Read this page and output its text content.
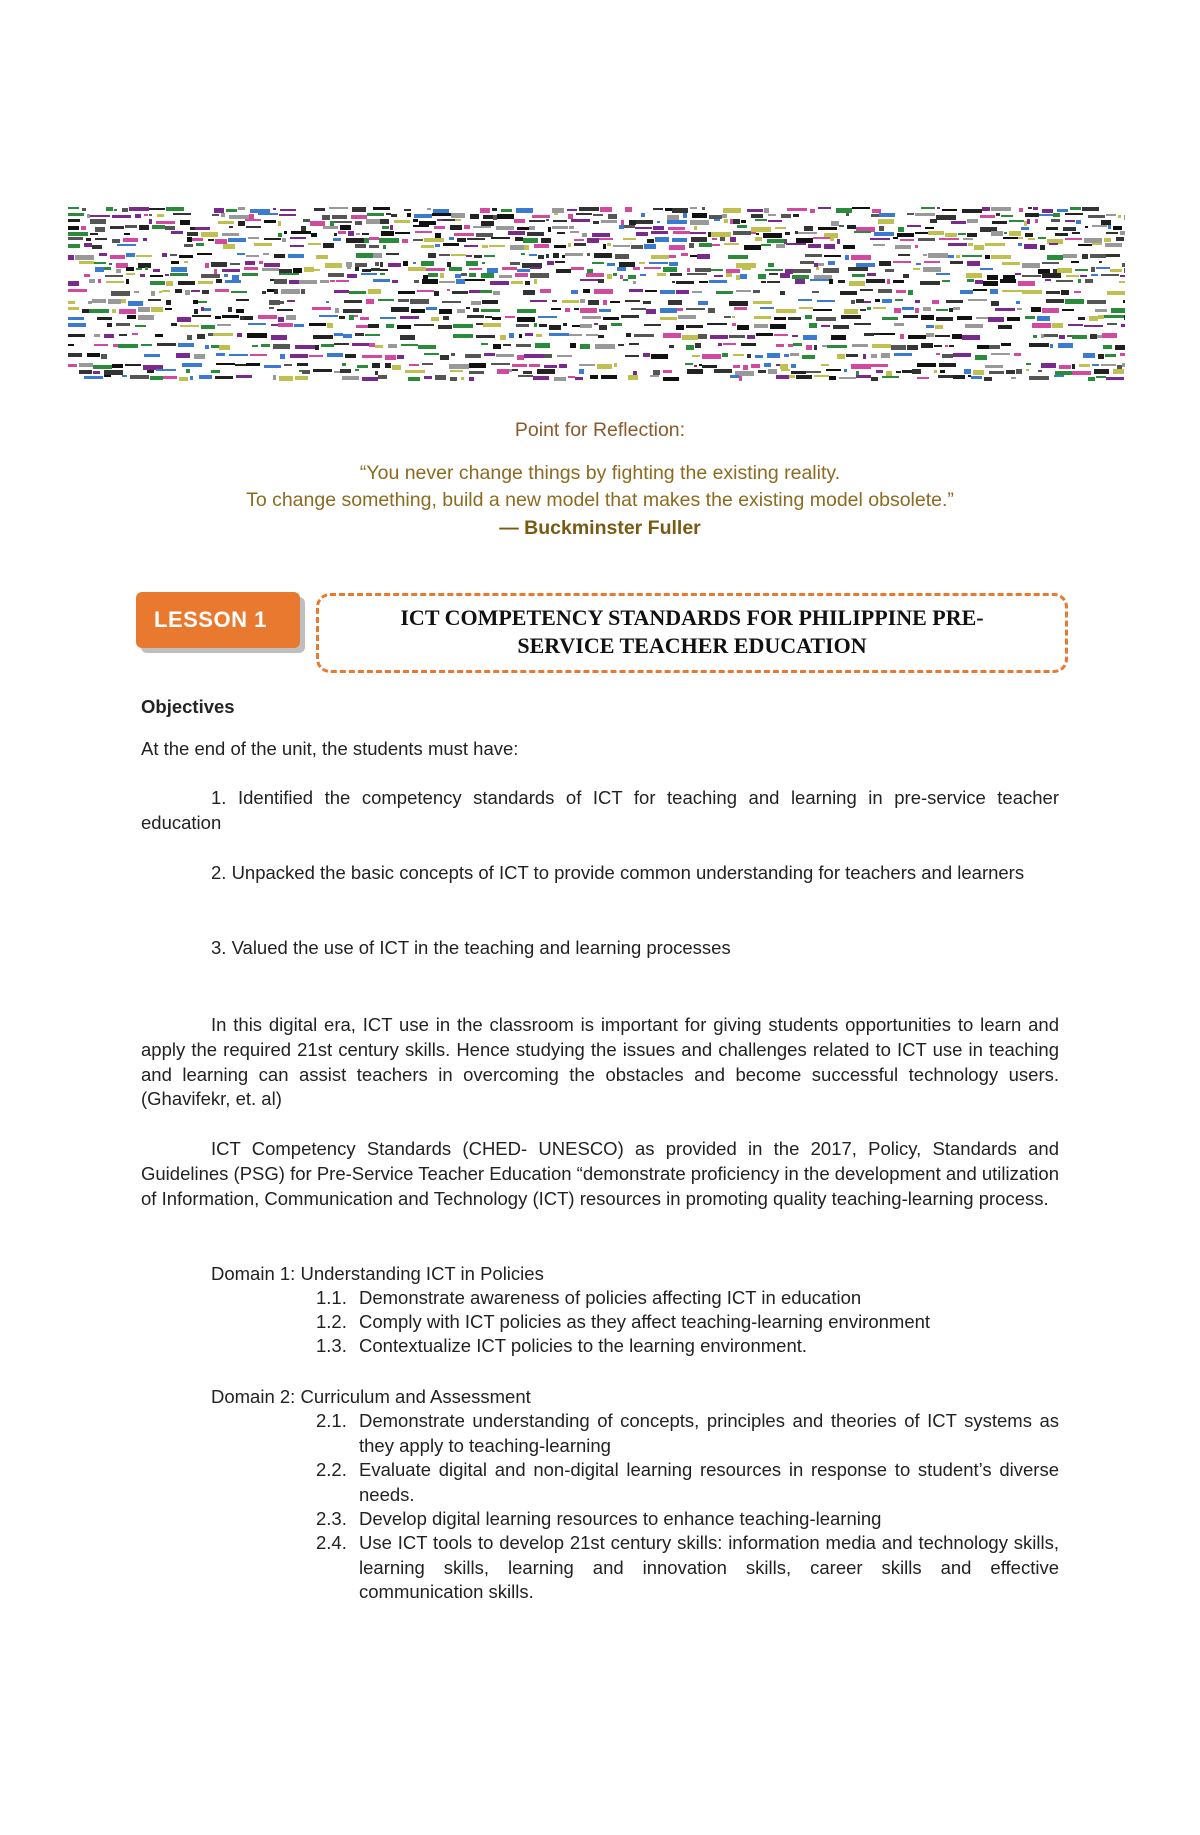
Point for Reflection:
“You never change things by fighting the existing reality.
To change something, build a new model that makes the existing model obsolete.”
— Buckminster Fuller
LESSON 1	ICT COMPETENCY STANDARDS FOR PHILIPPINE PRE-
SERVICE TEACHER EDUCATION
Objectives
At the end of the unit, the students must have:
1. Identified the competency standards of ICT for teaching and learning in pre-service teacher education
2. Unpacked the basic concepts of ICT to provide common understanding for teachers and learners
3. Valued the use of ICT in the teaching and learning processes
In this digital era, ICT use in the classroom is important for giving students opportunities to learn and apply the required 21st century skills. Hence studying the issues and challenges related to ICT use in teaching and learning can assist teachers in overcoming the obstacles and become successful technology users. (Ghavifekr, et. al)
ICT Competency Standards (CHED- UNESCO) as provided in the 2017, Policy, Standards and Guidelines (PSG) for Pre-Service Teacher Education “demonstrate proficiency in the development and utilization of Information, Communication and Technology (ICT) resources in promoting quality teaching-learning process.
Domain 1: Understanding ICT in Policies
1.1. Demonstrate awareness of policies affecting ICT in education
1.2. Comply with ICT policies as they affect teaching-learning environment
1.3. Contextualize ICT policies to the learning environment.
Domain 2: Curriculum and Assessment
2.1. Demonstrate understanding of concepts, principles and theories of ICT systems as they apply to teaching-learning
2.2. Evaluate digital and non-digital learning resources in response to student’s diverse needs.
2.3. Develop digital learning resources to enhance teaching-learning
2.4. Use ICT tools to develop 21st century skills: information media and technology skills, learning skills, learning and innovation skills, career skills and effective communication skills.
